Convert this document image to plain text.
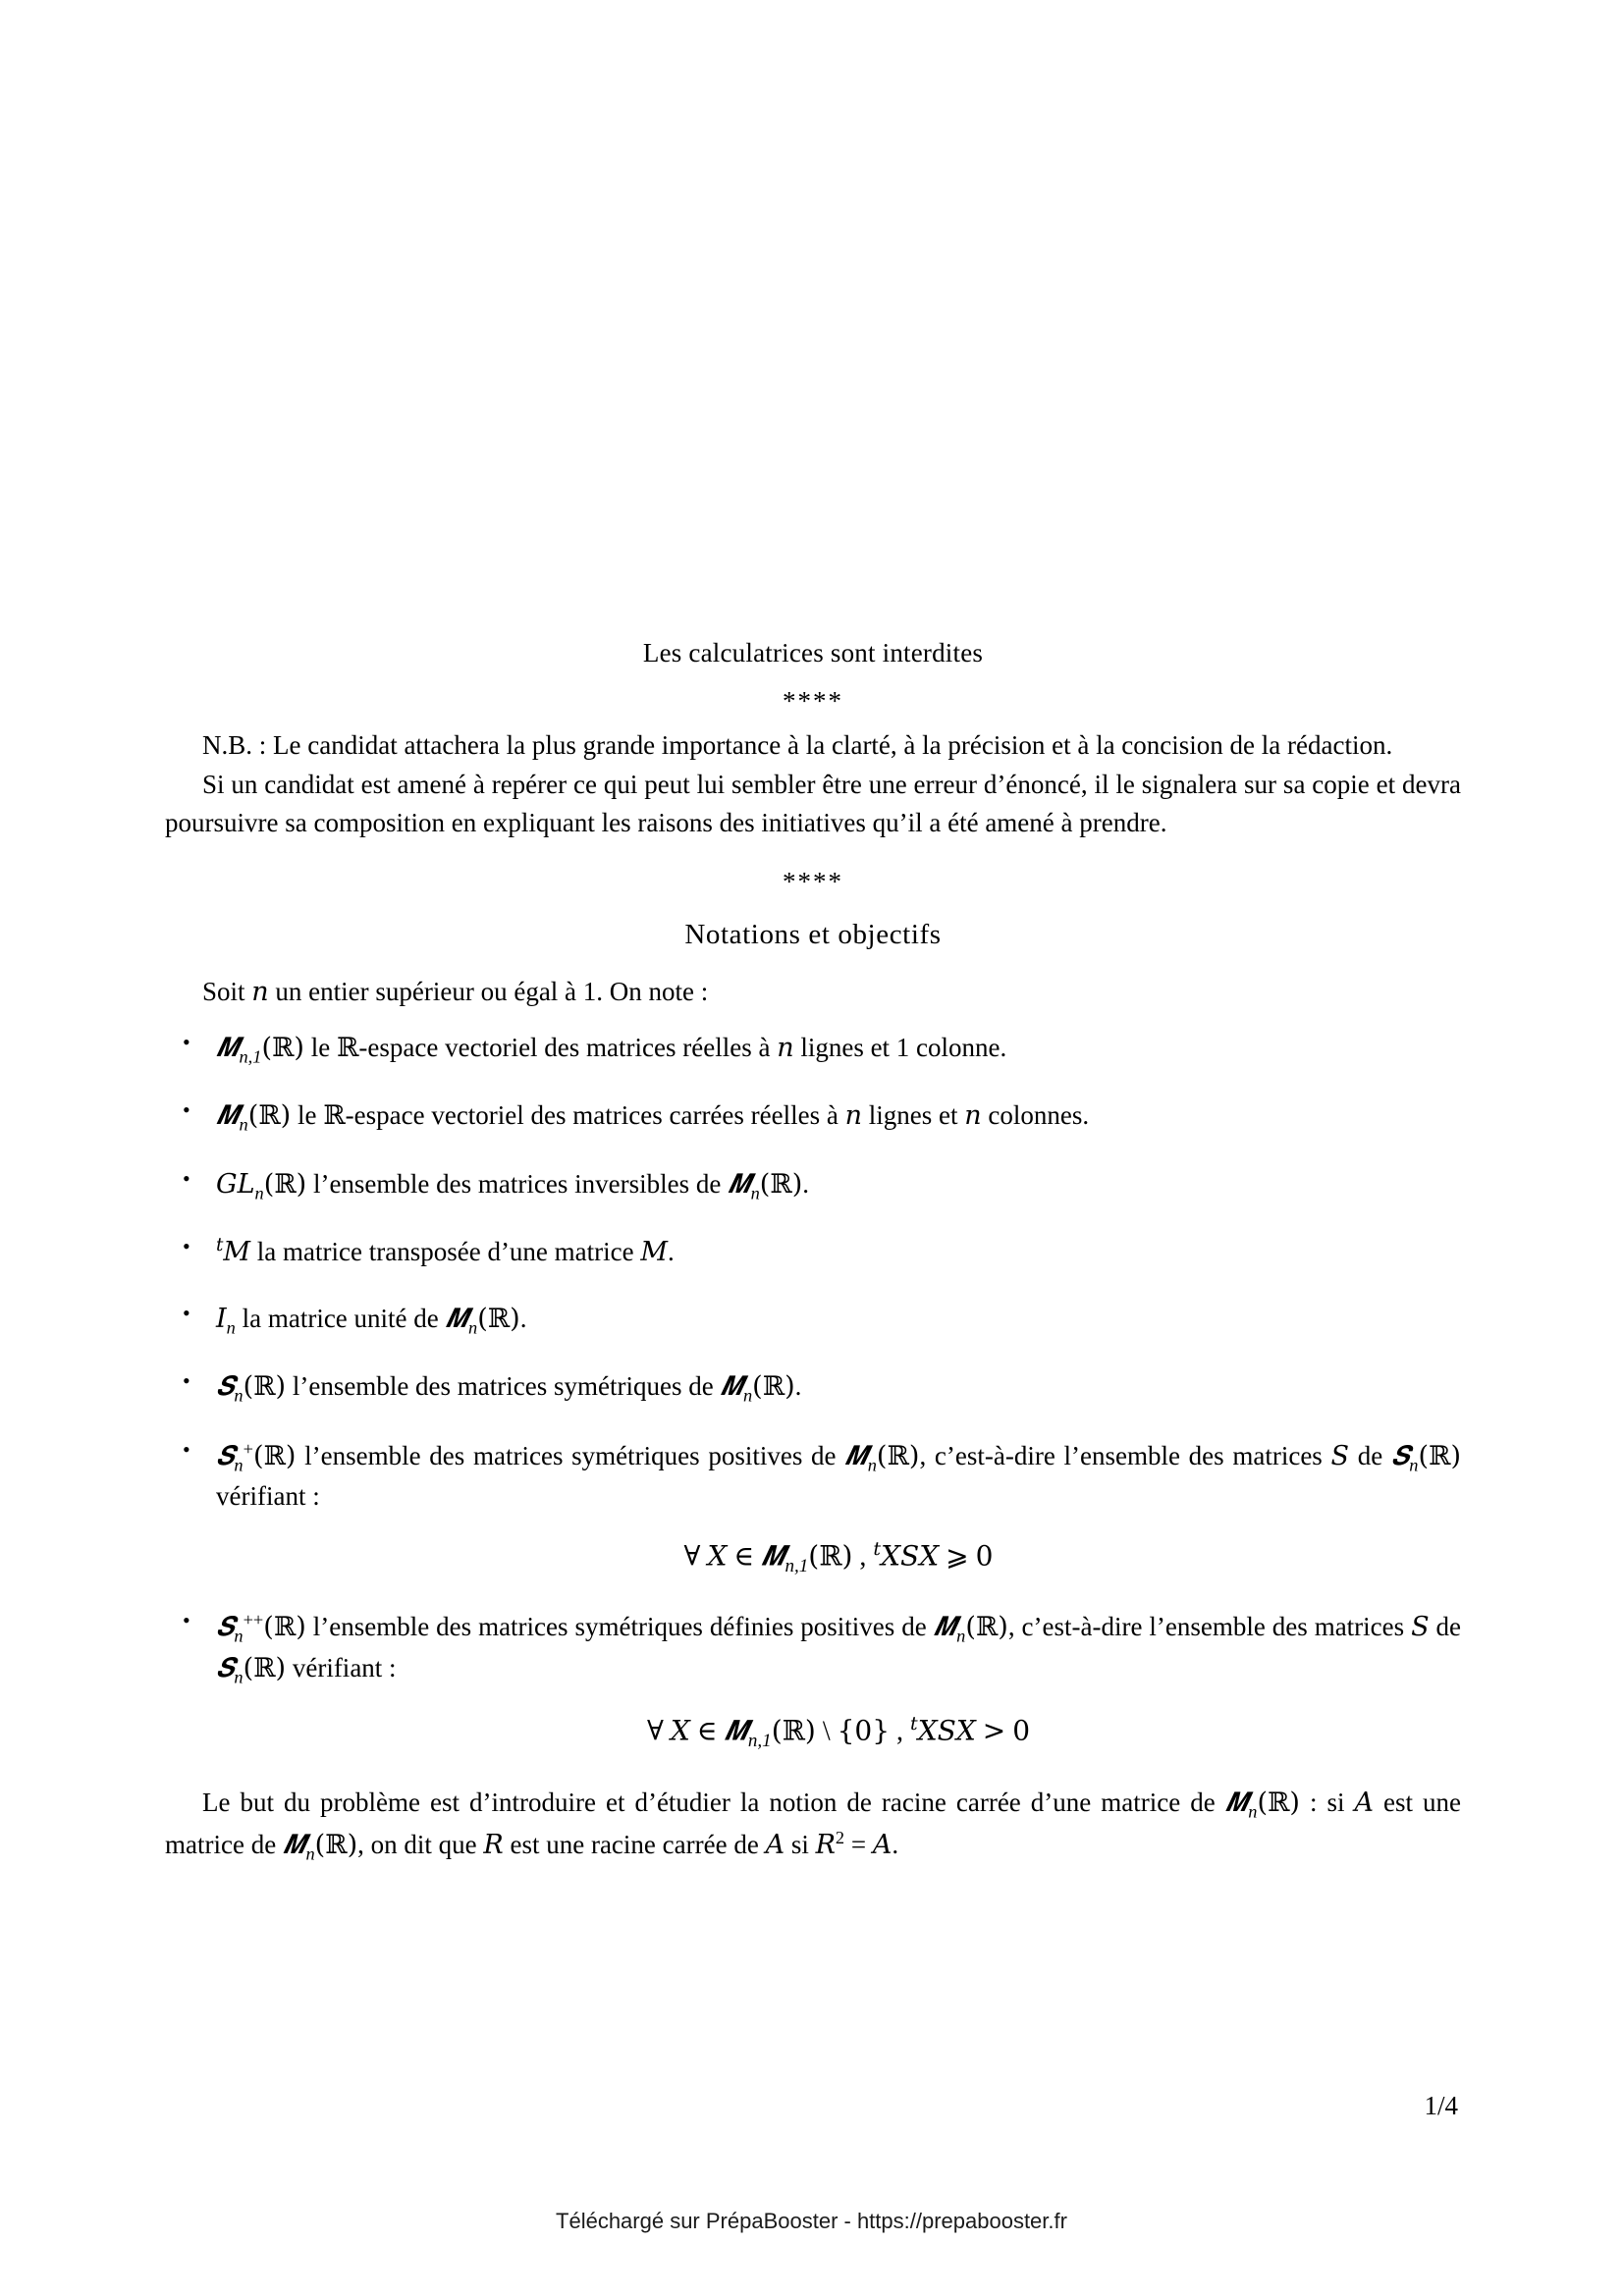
Les calculatrices sont interdites
****

N.B. : Le candidat attachera la plus grande importance à la clarté, à la précision et à la concision de la rédaction.

Si un candidat est amené à repérer ce qui peut lui sembler être une erreur d’énoncé, il le signalera sur sa copie et devra poursuivre sa composition en expliquant les raisons des initiatives qu’il a été amené à prendre.

****
Notations et objectifs
Soit n un entier supérieur ou égal à 1. On note :
• 𝑴$_{n,1}$(ℝ) le ℝ-espace vectoriel des matrices réelles à n lignes et 1 colonne.
• 𝑴$_n$(ℝ) le ℝ-espace vectoriel des matrices carrées réelles à n lignes et n colonnes.
• $GL_n(ℝ)$ l’ensemble des matrices inversibles de 𝑴$_n$(ℝ).
• $^t$M la matrice transposée d’une matrice M.
• $I_n$ la matrice unité de 𝑴$_n$(ℝ).
• 𝑺$_n$(ℝ) l’ensemble des matrices symétriques de 𝑴$_n$(ℝ).
• 𝑺$_n$+(ℝ) l’ensemble des matrices symétriques positives de 𝑴$_n$(ℝ), c’est-à-dire l’ensemble des matrices S de 𝑺$_n$(ℝ) vérifiant :
∀ X ∈ 𝑴$_{n,1}$(ℝ) , $^t$XSX ⩾ 0
• 𝑺$_n$++(ℝ) l’ensemble des matrices symétriques définies positives de 𝑴$_n$(ℝ), c’est-à-dire l’ensemble des matrices S de 𝑺$_n$(ℝ) vérifiant :
∀ X ∈ 𝑴$_{n,1}$(ℝ) \ {0} , $^t$XSX > 0

Le but du problème est d’introduire et d’étudier la notion de racine carrée d’une matrice de 𝑴$_n$(ℝ) : si A est une matrice de 𝑴$_n$(ℝ), on dit que R est une racine carrée de A si $R^2 = A$.

1/4
Téléchargé sur PrépaBooster - https://prepabooster.fr
